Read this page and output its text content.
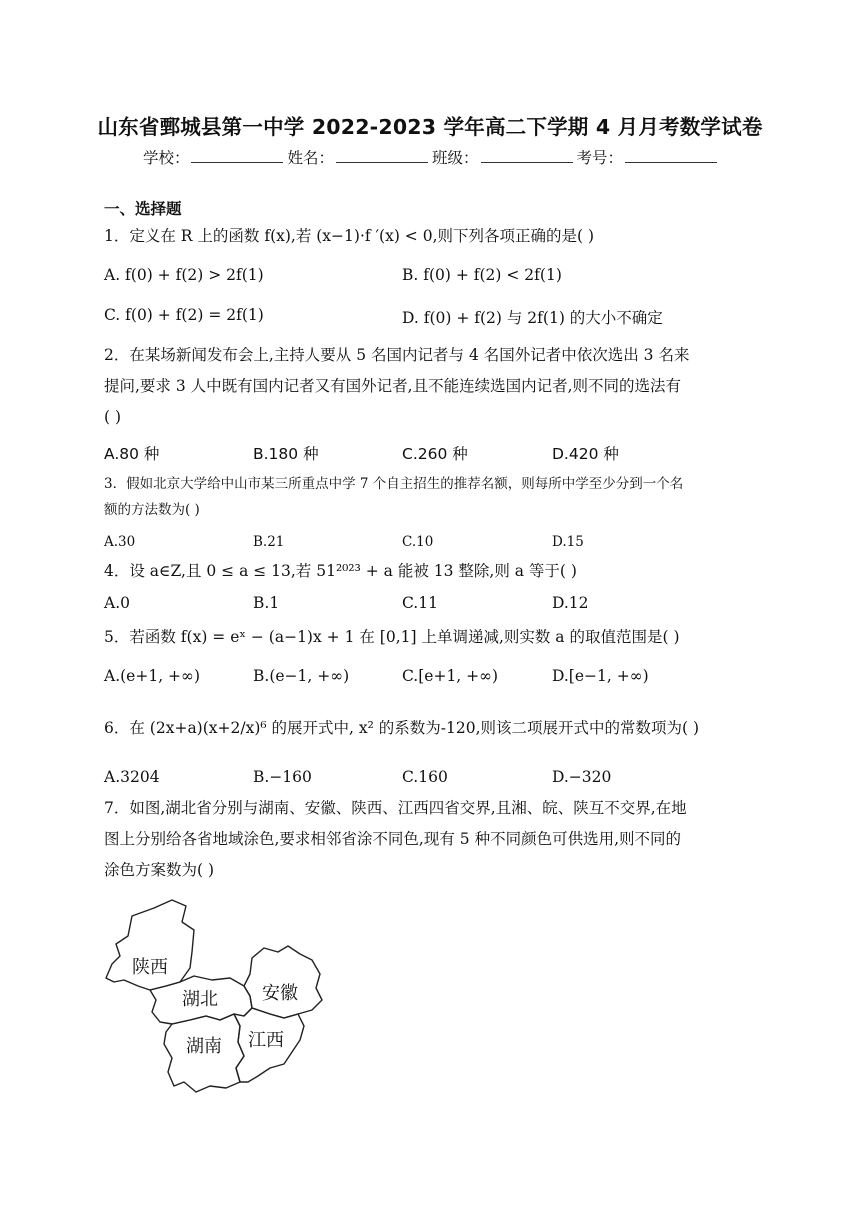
山东省鄄城县第一中学 2022-2023 学年高二下学期 4 月月考数学试卷
学校：	姓名：	班级：	考号：
一、选择题
1．定义在 R 上的函数 f(x),若 (x−1)·f ′(x) < 0,则下列各项正确的是( )
A. f(0) + f(2) > 2f(1)	B. f(0) + f(2) < 2f(1)
C. f(0) + f(2) = 2f(1)	D. f(0) + f(2) 与 2f(1) 的大小不确定
2．在某场新闻发布会上,主持人要从 5 名国内记者与 4 名国外记者中依次选出 3 名来
提问,要求 3 人中既有国内记者又有国外记者,且不能连续选国内记者,则不同的选法有
( )
A.80 种	B.180 种	C.260 种	D.420 种
3．假如北京大学给中山市某三所重点中学 7 个自主招生的推荐名额，则每所中学至少分到一个名
额的方法数为( )
A.30	B.21	C.10	D.15
4．设 a∈Z,且 0 ≤ a ≤ 13,若 51²⁰²³ + a 能被 13 整除,则 a 等于( )
A.0	B.1	C.11	D.12
5．若函数 f(x) = eˣ − (a−1)x + 1 在 [0,1] 上单调递减,则实数 a 的取值范围是( )
A.(e+1, +∞)	B.(e−1, +∞)	C.[e+1, +∞)	D.[e−1, +∞)
6．在 (2x+a)(x+2/x)⁶ 的展开式中, x² 的系数为-120,则该二项展开式中的常数项为( )
A.3204	B.−160	C.160	D.−320
7．如图,湖北省分别与湖南、安徽、陕西、江西四省交界,且湘、皖、陕互不交界,在地
图上分别给各省地域涂色,要求相邻省涂不同色,现有 5 种不同颜色可供选用,则不同的
涂色方案数为( )
陕西
湖北 安徽
湖南 江西
